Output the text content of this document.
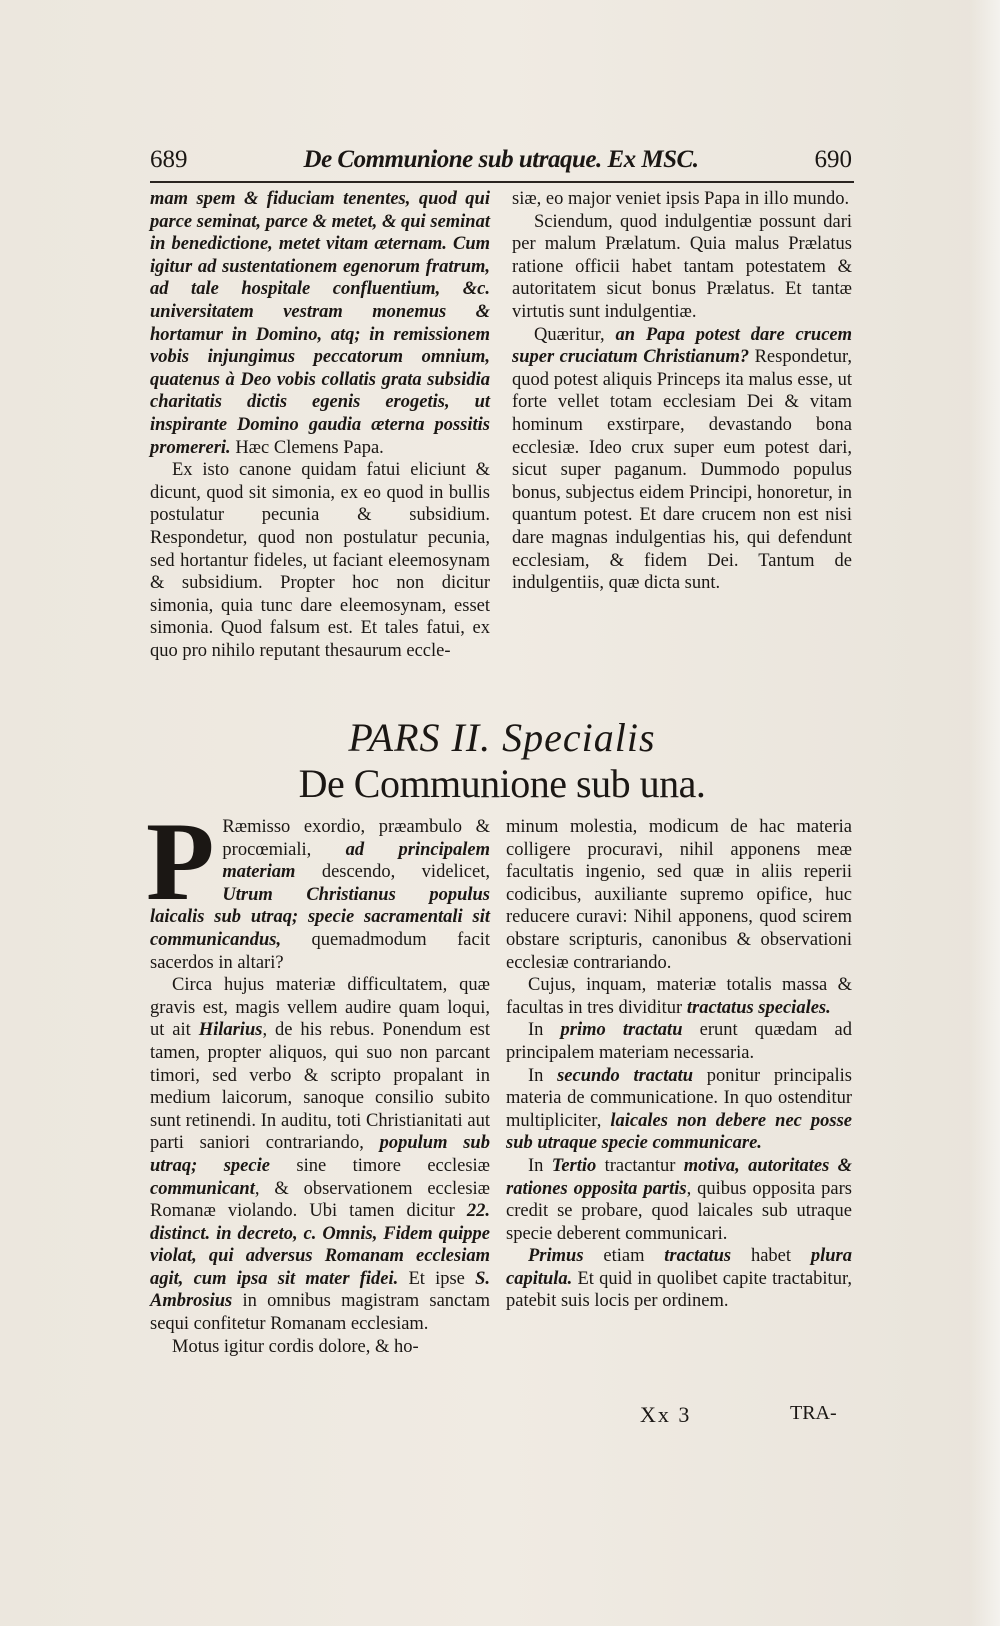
689	De Communione sub utraque. Ex MSC.	690

mam spem & fiduciam tenentes, quod qui parce seminat, parce & metet, & qui seminat in benedictione, metet vitam æternam. Cum igitur ad sustentationem egenorum fratrum, ad tale hospitale confluentium, &c. universitatem vestram monemus & hortamur in Domino, atq; in remissionem vobis injungimus peccatorum omnium, quatenus à Deo vobis collatis grata subsidia charitatis dictis egenis erogetis, ut inspirante Domino gaudia æterna possitis promereri. Hæc Clemens Papa.

Ex isto canone quidam fatui eliciunt & dicunt, quod sit simonia, ex eo quod in bullis postulatur pecunia & subsidium. Respondetur, quod non postulatur pecunia, sed hortantur fideles, ut faciant eleemosynam & subsidium. Propter hoc non dicitur simonia, quia tunc dare eleemosynam, esset simonia. Quod falsum est. Et tales fatui, ex quo pro nihilo reputant thesaurum eccle-

siæ, eo major veniet ipsis Papa in illo mundo.

Sciendum, quod indulgentiæ possunt dari per malum Prælatum. Quia malus Prælatus ratione officii habet tantam potestatem & autoritatem sicut bonus Prælatus. Et tantæ virtutis sunt indulgentiæ.

Quæritur, an Papa potest dare crucem super cruciatum Christianum? Respondetur, quod potest aliquis Princeps ita malus esse, ut forte vellet totam ecclesiam Dei & vitam hominum exstirpare, devastando bona ecclesiæ. Ideo crux super eum potest dari, sicut super paganum. Dummodo populus bonus, subjectus eidem Principi, honoretur, in quantum potest. Et dare crucem non est nisi dare magnas indulgentias his, qui defendunt ecclesiam, & fidem Dei. Tantum de indulgentiis, quæ dicta sunt.

PARS II. Specialis
De Communione sub una.

P Ræmisso exordio, præambulo & procœmiali, ad principalem materiam descendo, videlicet, Utrum Christianus populus laicalis sub utraq; specie sacramentali sit communicandus, quemadmodum facit sacerdos in altari?

Circa hujus materiæ difficultatem, quæ gravis est, magis vellem audire quam loqui, ut ait Hilarius, de his rebus. Ponendum est tamen, propter aliquos, qui suo non parcant timori, sed verbo & scripto propalant in medium laicorum, sanoque consilio subito sunt retinendi. In auditu, toti Christianitati aut parti saniori contrariando, populum sub utraq; specie sine timore ecclesiæ communicant, & observationem ecclesiæ Romanæ violando. Ubi tamen dicitur 22. distinct. in decreto, c. Omnis, Fidem quippe violat, qui adversus Romanam ecclesiam agit, cum ipsa sit mater fidei. Et ipse S. Ambrosius in omnibus magistram sanctam sequi confitetur Romanam ecclesiam.

Motus igitur cordis dolore, & ho-

minum molestia, modicum de hac materia colligere procuravi, nihil apponens meæ facultatis ingenio, sed quæ in aliis reperii codicibus, auxiliante supremo opifice, huc reducere curavi: Nihil apponens, quod scirem obstare scripturis, canonibus & observationi ecclesiæ contrariando.

Cujus, inquam, materiæ totalis massa & facultas in tres dividitur tractatus speciales.

In primo tractatu erunt quædam ad principalem materiam necessaria.

In secundo tractatu ponitur principalis materia de communicatione. In quo ostenditur multipliciter, laicales non debere nec posse sub utraque specie communicare.

In Tertio tractantur motiva, autoritates & rationes opposita partis, quibus opposita pars credit se probare, quod laicales sub utraque specie deberent communicari.

Primus etiam tractatus habet plura capitula. Et quid in quolibet capite tractabitur, patebit suis locis per ordinem.

Xx 3	TRA-
